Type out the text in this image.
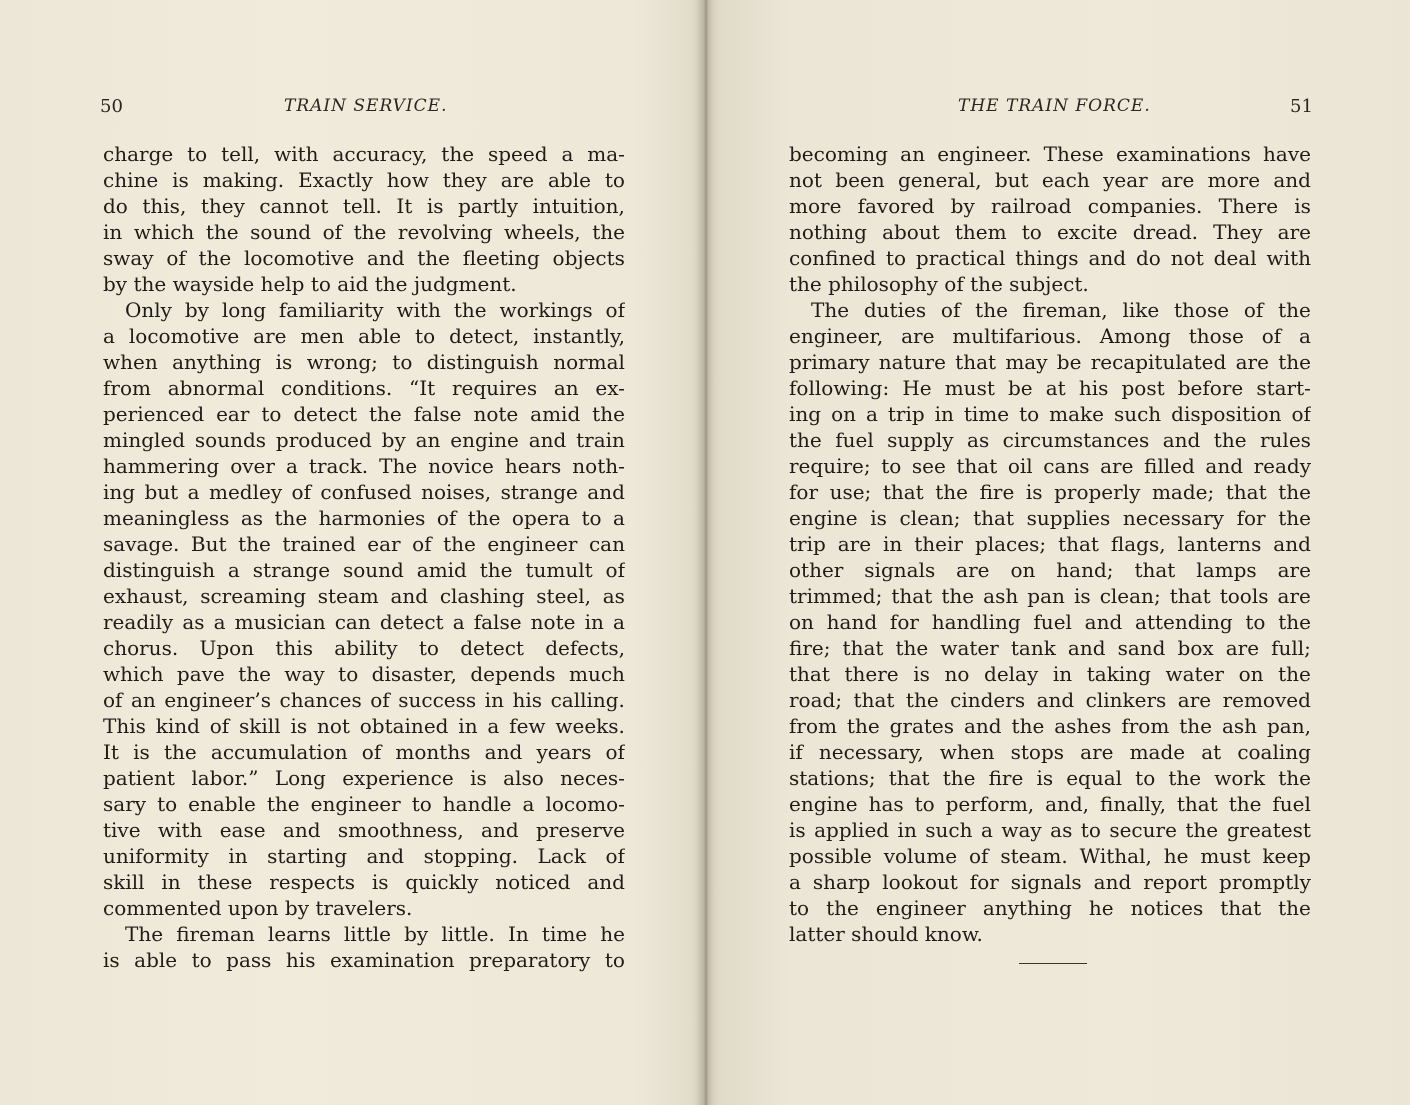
50	TRAIN SERVICE.
charge to tell, with accuracy, the speed a ma-
chine is making. Exactly how they are able to
do this, they cannot tell. It is partly intuition,
in which the sound of the revolving wheels, the
sway of the locomotive and the fleeting objects
by the wayside help to aid the judgment.
Only by long familiarity with the workings of
a locomotive are men able to detect, instantly,
when anything is wrong; to distinguish normal
from abnormal conditions. “It requires an ex-
perienced ear to detect the false note amid the
mingled sounds produced by an engine and train
hammering over a track. The novice hears noth-
ing but a medley of confused noises, strange and
meaningless as the harmonies of the opera to a
savage. But the trained ear of the engineer can
distinguish a strange sound amid the tumult of
exhaust, screaming steam and clashing steel, as
readily as a musician can detect a false note in a
chorus. Upon this ability to detect defects,
which pave the way to disaster, depends much
of an engineer’s chances of success in his calling.
This kind of skill is not obtained in a few weeks.
It is the accumulation of months and years of
patient labor.” Long experience is also neces-
sary to enable the engineer to handle a locomo-
tive with ease and smoothness, and preserve
uniformity in starting and stopping. Lack of
skill in these respects is quickly noticed and
commented upon by travelers.
The fireman learns little by little. In time he
is able to pass his examination preparatory to
THE TRAIN FORCE.	51
becoming an engineer. These examinations have
not been general, but each year are more and
more favored by railroad companies. There is
nothing about them to excite dread. They are
confined to practical things and do not deal with
the philosophy of the subject.
The duties of the fireman, like those of the
engineer, are multifarious. Among those of a
primary nature that may be recapitulated are the
following: He must be at his post before start-
ing on a trip in time to make such disposition of
the fuel supply as circumstances and the rules
require; to see that oil cans are filled and ready
for use; that the fire is properly made; that the
engine is clean; that supplies necessary for the
trip are in their places; that flags, lanterns and
other signals are on hand; that lamps are
trimmed; that the ash pan is clean; that tools are
on hand for handling fuel and attending to the
fire; that the water tank and sand box are full;
that there is no delay in taking water on the
road; that the cinders and clinkers are removed
from the grates and the ashes from the ash pan,
if necessary, when stops are made at coaling
stations; that the fire is equal to the work the
engine has to perform, and, finally, that the fuel
is applied in such a way as to secure the greatest
possible volume of steam. Withal, he must keep
a sharp lookout for signals and report promptly
to the engineer anything he notices that the
latter should know.
